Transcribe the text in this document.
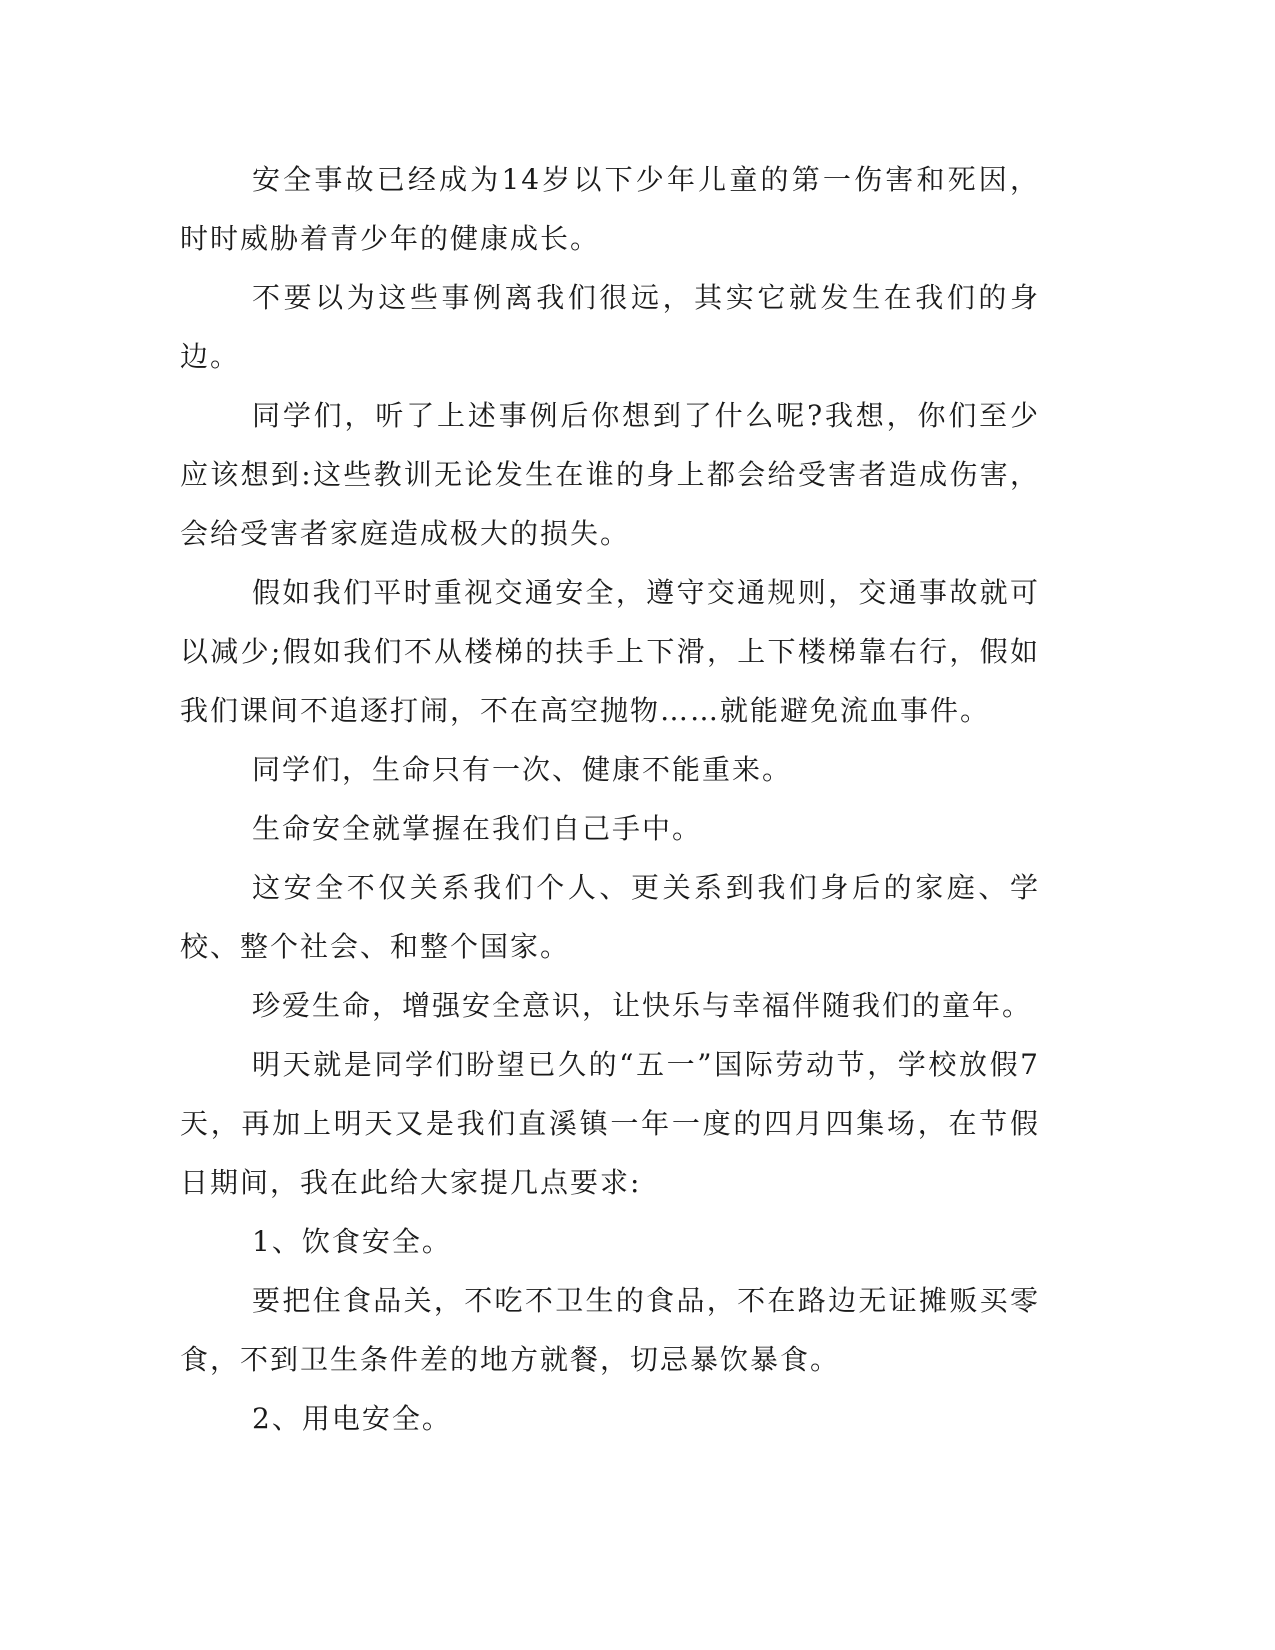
安全事故已经成为14岁以下少年儿童的第一伤害和死因，时时威胁着青少年的健康成长。

不要以为这些事例离我们很远，其实它就发生在我们的身边。

同学们，听了上述事例后你想到了什么呢?我想，你们至少应该想到:这些教训无论发生在谁的身上都会给受害者造成伤害，会给受害者家庭造成极大的损失。

假如我们平时重视交通安全，遵守交通规则，交通事故就可以减少;假如我们不从楼梯的扶手上下滑，上下楼梯靠右行，假如我们课间不追逐打闹，不在高空抛物……就能避免流血事件。

同学们，生命只有一次、健康不能重来。

生命安全就掌握在我们自己手中。

这安全不仅关系我们个人、更关系到我们身后的家庭、学校、整个社会、和整个国家。

珍爱生命，增强安全意识，让快乐与幸福伴随我们的童年。

明天就是同学们盼望已久的“五一”国际劳动节，学校放假7天，再加上明天又是我们直溪镇一年一度的四月四集场，在节假日期间，我在此给大家提几点要求:

1、饮食安全。

要把住食品关，不吃不卫生的食品，不在路边无证摊贩买零食，不到卫生条件差的地方就餐，切忌暴饮暴食。

2、用电安全。
